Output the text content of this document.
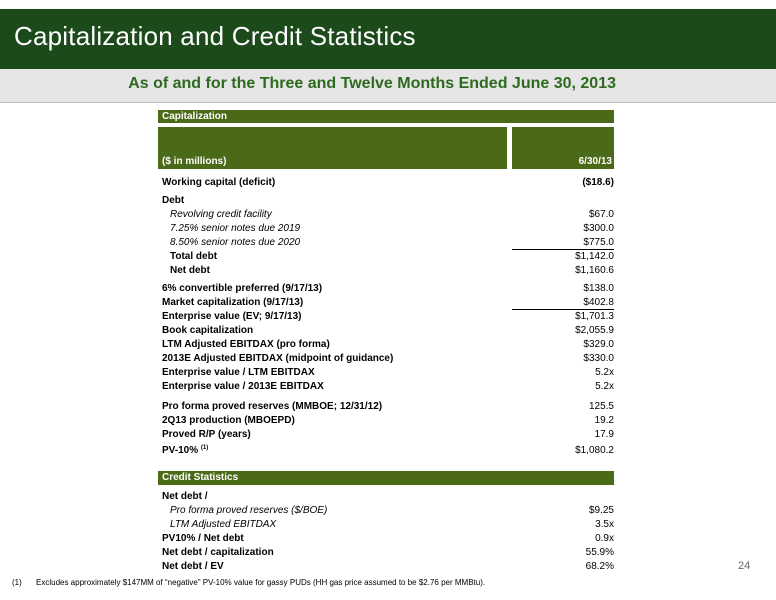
Capitalization and Credit Statistics
As of and for the Three and Twelve Months Ended June 30, 2013
Capitalization
($ in millions)	6/30/13
Working capital (deficit)	($18.6)
Debt
Revolving credit facility	$67.0
7.25% senior notes due 2019	$300.0
8.50% senior notes due 2020	$775.0
Total debt	$1,142.0
Net debt	$1,160.6
6% convertible preferred (9/17/13)	$138.0
Market capitalization (9/17/13)	$402.8
Enterprise value (EV; 9/17/13)	$1,701.3
Book capitalization	$2,055.9
LTM Adjusted EBITDAX (pro forma)	$329.0
2013E Adjusted EBITDAX (midpoint of guidance)	$330.0
Enterprise value / LTM EBITDAX	5.2x
Enterprise value / 2013E EBITDAX	5.2x
Pro forma proved reserves (MMBOE; 12/31/12)	125.5
2Q13 production (MBOEPD)	19.2
Proved R/P (years)	17.9
PV-10% $^{(1)}$	$1,080.2
Credit Statistics
Net debt /
Pro forma proved reserves ($/BOE)	$9.25
LTM Adjusted EBITDAX	3.5x
PV10% / Net debt	0.9x
Net debt / capitalization	55.9%
Net debt / EV	68.2%	24
(1) Excludes approximately $147MM of “negative” PV-10% value for gassy PUDs (HH gas price assumed to be $2.76 per MMBtu).
